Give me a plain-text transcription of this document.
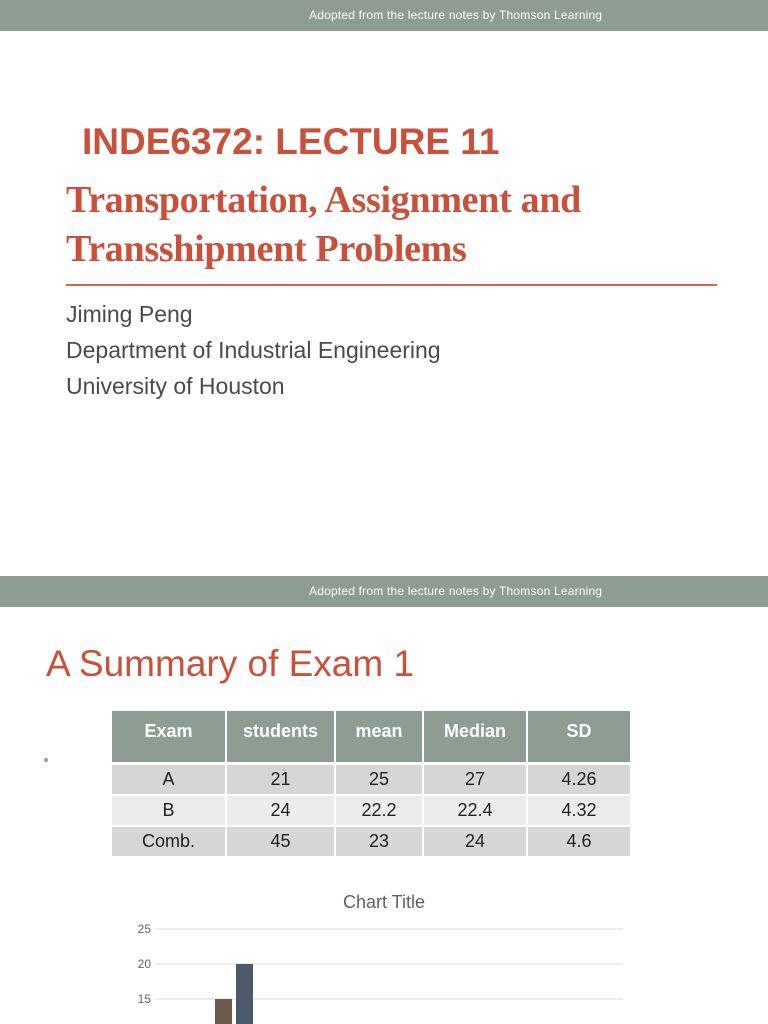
Adopted from the lecture notes by Thomson Learning
INDE6372: LECTURE 11
Transportation, Assignment and
Transshipment Problems
Jiming Peng
Department of Industrial Engineering
University of Houston
Adopted from the lecture notes by Thomson Learning
A Summary of Exam 1
Exam	students	mean	Median	SD
A	21	25	27	4.26
B	24	22.2	22.4	4.32
Comb.	45	23	24	4.6
Chart Title
15
20
25
